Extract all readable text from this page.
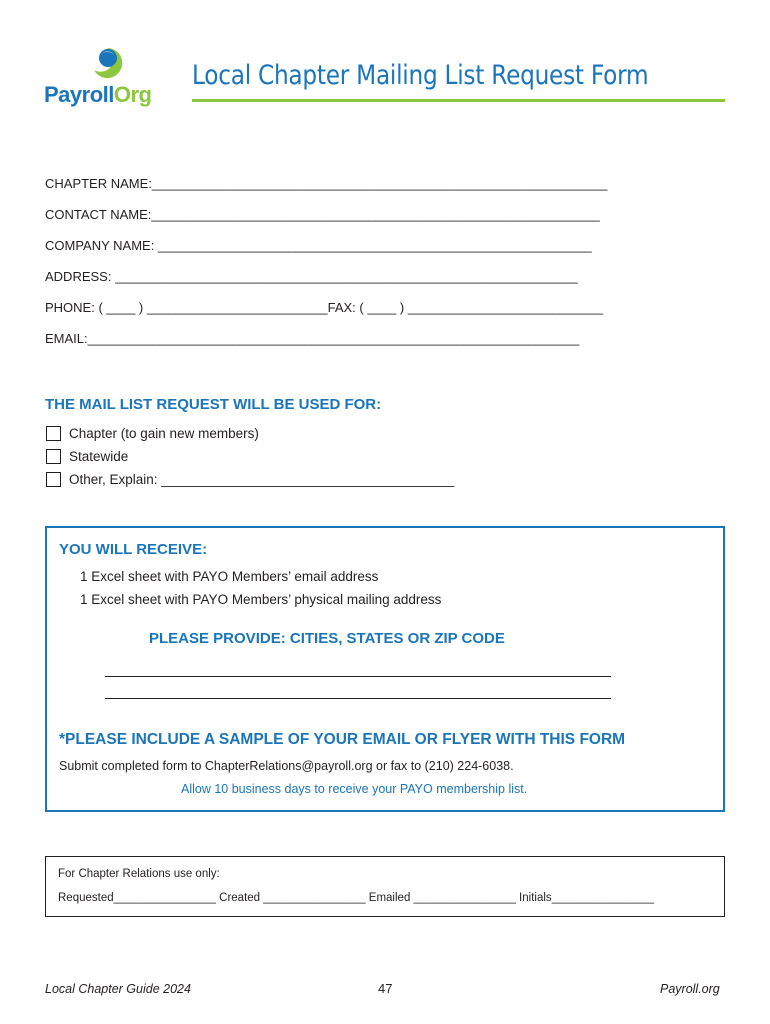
PayrollOrg
Local Chapter Mailing List Request Form
CHAPTER NAME:_______________________________________________________________
CONTACT NAME:______________________________________________________________
COMPANY NAME: ____________________________________________________________
ADDRESS: ________________________________________________________________
PHONE: ( ____ ) _________________________FAX: ( ____ ) ___________________________
EMAIL:____________________________________________________________________
THE MAIL LIST REQUEST WILL BE USED FOR:
Chapter (to gain new members)
Statewide
Other, Explain: _______________________________________
YOU WILL RECEIVE:
1 Excel sheet with PAYO Members’ email address
1 Excel sheet with PAYO Members’ physical mailing address
PLEASE PROVIDE: CITIES, STATES OR ZIP CODE
*PLEASE INCLUDE A SAMPLE OF YOUR EMAIL OR FLYER WITH THIS FORM
Submit completed form to ChapterRelations@payroll.org or fax to (210) 224-6038.
Allow 10 business days to receive your PAYO membership list.
For Chapter Relations use only:
Requested________________ Created ________________ Emailed ________________ Initials________________
Local Chapter Guide 2024	47	Payroll.org
